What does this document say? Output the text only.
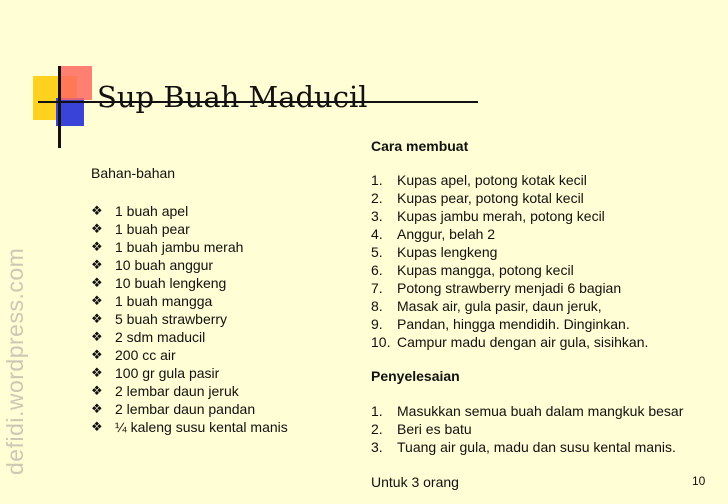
defidi.wordpress.com
Sup Buah Maducil

Bahan-bahan

❖ 1 buah apel
❖ 1 buah pear
❖ 1 buah jambu merah
❖ 10 buah anggur
❖ 10 buah lengkeng
❖ 1 buah mangga
❖ 5 buah strawberry
❖ 2 sdm maducil
❖ 200 cc air
❖ 100 gr gula pasir
❖ 2 lembar daun jeruk
❖ 2 lembar daun pandan
❖ ¼ kaleng susu kental manis

Cara membuat

1.	Kupas apel, potong kotak kecil
2.	Kupas pear, potong kotal kecil
3.	Kupas jambu merah, potong kecil
4.	Anggur, belah 2
5.	Kupas lengkeng
6.	Kupas mangga, potong kecil
7.	Potong strawberry menjadi 6 bagian
8.	Masak air, gula pasir, daun jeruk,
9.	Pandan, hingga mendidih. Dinginkan.
10. Campur madu dengan air gula, sisihkan.

Penyelesaian

1.	Masukkan semua buah dalam mangkuk besar
2.	Beri es batu
3.	Tuang air gula, madu dan susu kental manis.

Untuk 3 orang	10
